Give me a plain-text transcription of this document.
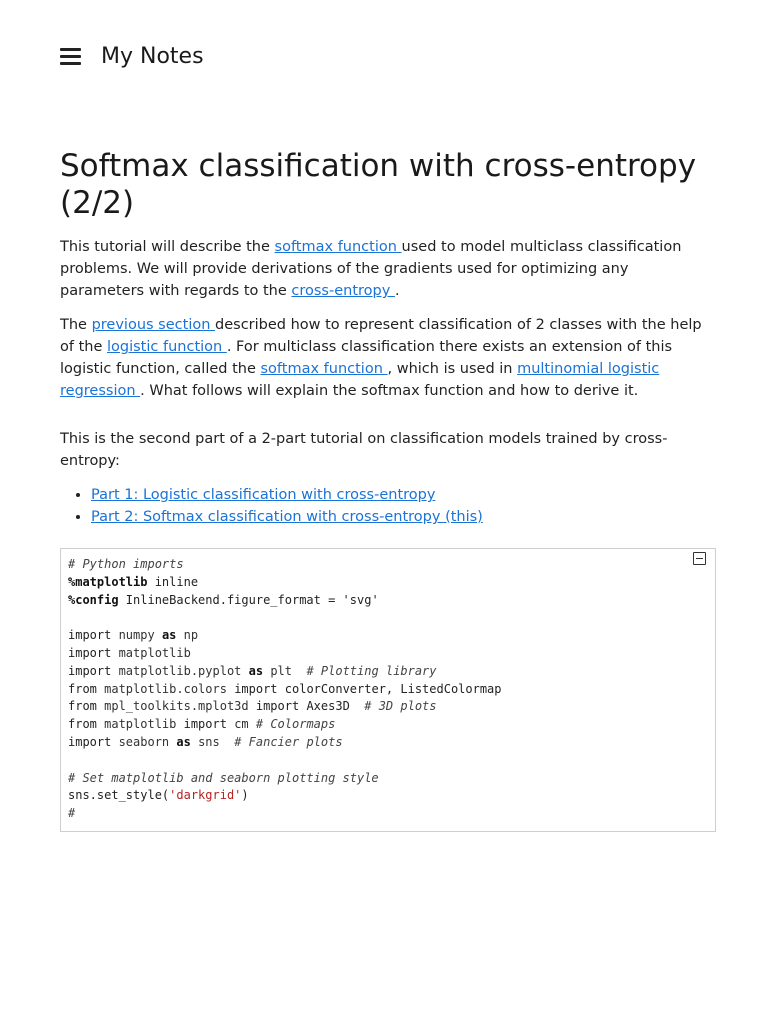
My Notes
Softmax classification with cross-entropy (2/2)

This tutorial will describe the softmax function used to model multiclass classification problems. We will provide derivations of the gradients used for optimizing any parameters with regards to the cross-entropy .

The previous section described how to represent classification of 2 classes with the help of the logistic function . For multiclass classification there exists an extension of this logistic function, called the softmax function , which is used in multinomial logistic regression . What follows will explain the softmax function and how to derive it.

This is the second part of a 2-part tutorial on classification models trained by cross-entropy:

• Part 1: Logistic classification with cross-entropy
• Part 2: Softmax classification with cross-entropy (this)
# Python imports
%matplotlib inline
%config InlineBackend.figure_format = 'svg'

import numpy as np
import matplotlib
import matplotlib.pyplot as plt  # Plotting library
from matplotlib.colors import colorConverter, ListedColormap
from mpl_toolkits.mplot3d import Axes3D  # 3D plots
from matplotlib import cm # Colormaps
import seaborn as sns  # Fancier plots

# Set matplotlib and seaborn plotting style
sns.set_style('darkgrid')
#
